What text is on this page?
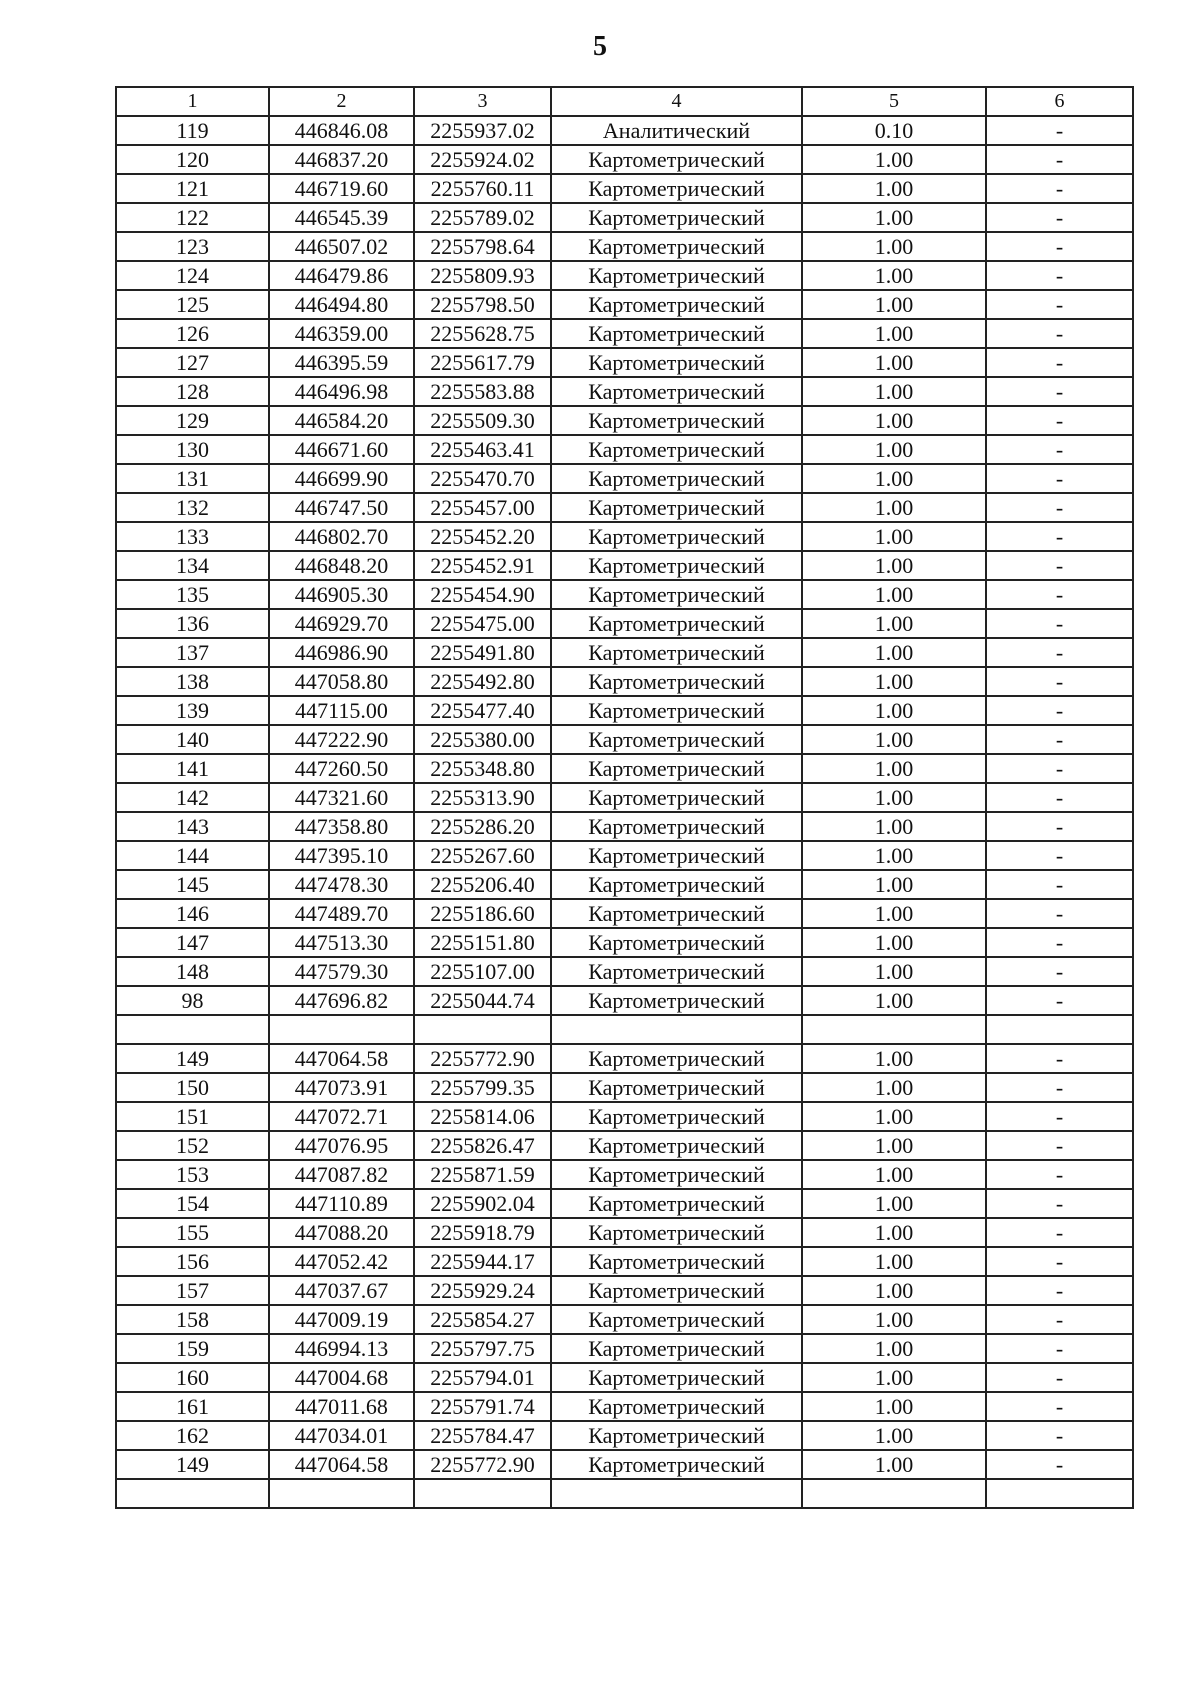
5
1	2	3	4	5	6
119	446846.08	2255937.02	Аналитический	0.10	-
120	446837.20	2255924.02	Картометрический	1.00	-
121	446719.60	2255760.11	Картометрический	1.00	-
122	446545.39	2255789.02	Картометрический	1.00	-
123	446507.02	2255798.64	Картометрический	1.00	-
124	446479.86	2255809.93	Картометрический	1.00	-
125	446494.80	2255798.50	Картометрический	1.00	-
126	446359.00	2255628.75	Картометрический	1.00	-
127	446395.59	2255617.79	Картометрический	1.00	-
128	446496.98	2255583.88	Картометрический	1.00	-
129	446584.20	2255509.30	Картометрический	1.00	-
130	446671.60	2255463.41	Картометрический	1.00	-
131	446699.90	2255470.70	Картометрический	1.00	-
132	446747.50	2255457.00	Картометрический	1.00	-
133	446802.70	2255452.20	Картометрический	1.00	-
134	446848.20	2255452.91	Картометрический	1.00	-
135	446905.30	2255454.90	Картометрический	1.00	-
136	446929.70	2255475.00	Картометрический	1.00	-
137	446986.90	2255491.80	Картометрический	1.00	-
138	447058.80	2255492.80	Картометрический	1.00	-
139	447115.00	2255477.40	Картометрический	1.00	-
140	447222.90	2255380.00	Картометрический	1.00	-
141	447260.50	2255348.80	Картометрический	1.00	-
142	447321.60	2255313.90	Картометрический	1.00	-
143	447358.80	2255286.20	Картометрический	1.00	-
144	447395.10	2255267.60	Картометрический	1.00	-
145	447478.30	2255206.40	Картометрический	1.00	-
146	447489.70	2255186.60	Картометрический	1.00	-
147	447513.30	2255151.80	Картометрический	1.00	-
148	447579.30	2255107.00	Картометрический	1.00	-
98	447696.82	2255044.74	Картометрический	1.00	-

149	447064.58	2255772.90	Картометрический	1.00	-
150	447073.91	2255799.35	Картометрический	1.00	-
151	447072.71	2255814.06	Картометрический	1.00	-
152	447076.95	2255826.47	Картометрический	1.00	-
153	447087.82	2255871.59	Картометрический	1.00	-
154	447110.89	2255902.04	Картометрический	1.00	-
155	447088.20	2255918.79	Картометрический	1.00	-
156	447052.42	2255944.17	Картометрический	1.00	-
157	447037.67	2255929.24	Картометрический	1.00	-
158	447009.19	2255854.27	Картометрический	1.00	-
159	446994.13	2255797.75	Картометрический	1.00	-
160	447004.68	2255794.01	Картометрический	1.00	-
161	447011.68	2255791.74	Картометрический	1.00	-
162	447034.01	2255784.47	Картометрический	1.00	-
149	447064.58	2255772.90	Картометрический	1.00	-
